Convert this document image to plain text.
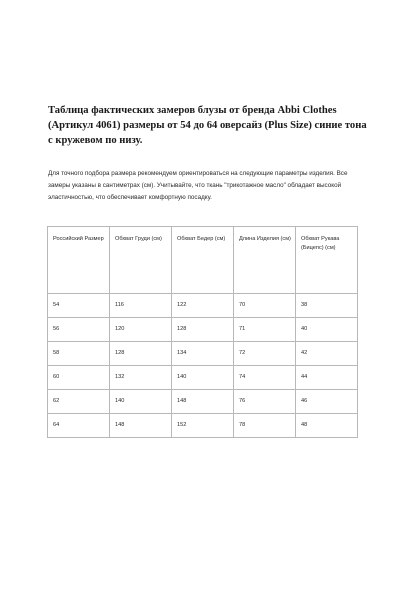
Таблица фактических замеров блузы от бренда Abbi Clothes (Артикул 4061) размеры от 54 до 64 оверсайз (Plus Size) синие тона с кружевом по низу.

Для точного подбора размера рекомендуем ориентироваться на следующие параметры изделия. Все замеры указаны в сантиметрах (см). Учитывайте, что ткань "трикотажное масло" обладает высокой эластичностью, что обеспечивает комфортную посадку.

Российский Размер	Обхват Груди (см)	Обхват Бедер (см)	Длина Изделия (см)	Обхват Рукава (Бицепс) (см)
54	116	122	70	38
56	120	128	71	40
58	128	134	72	42
60	132	140	74	44
62	140	148	76	46
64	148	152	78	48
